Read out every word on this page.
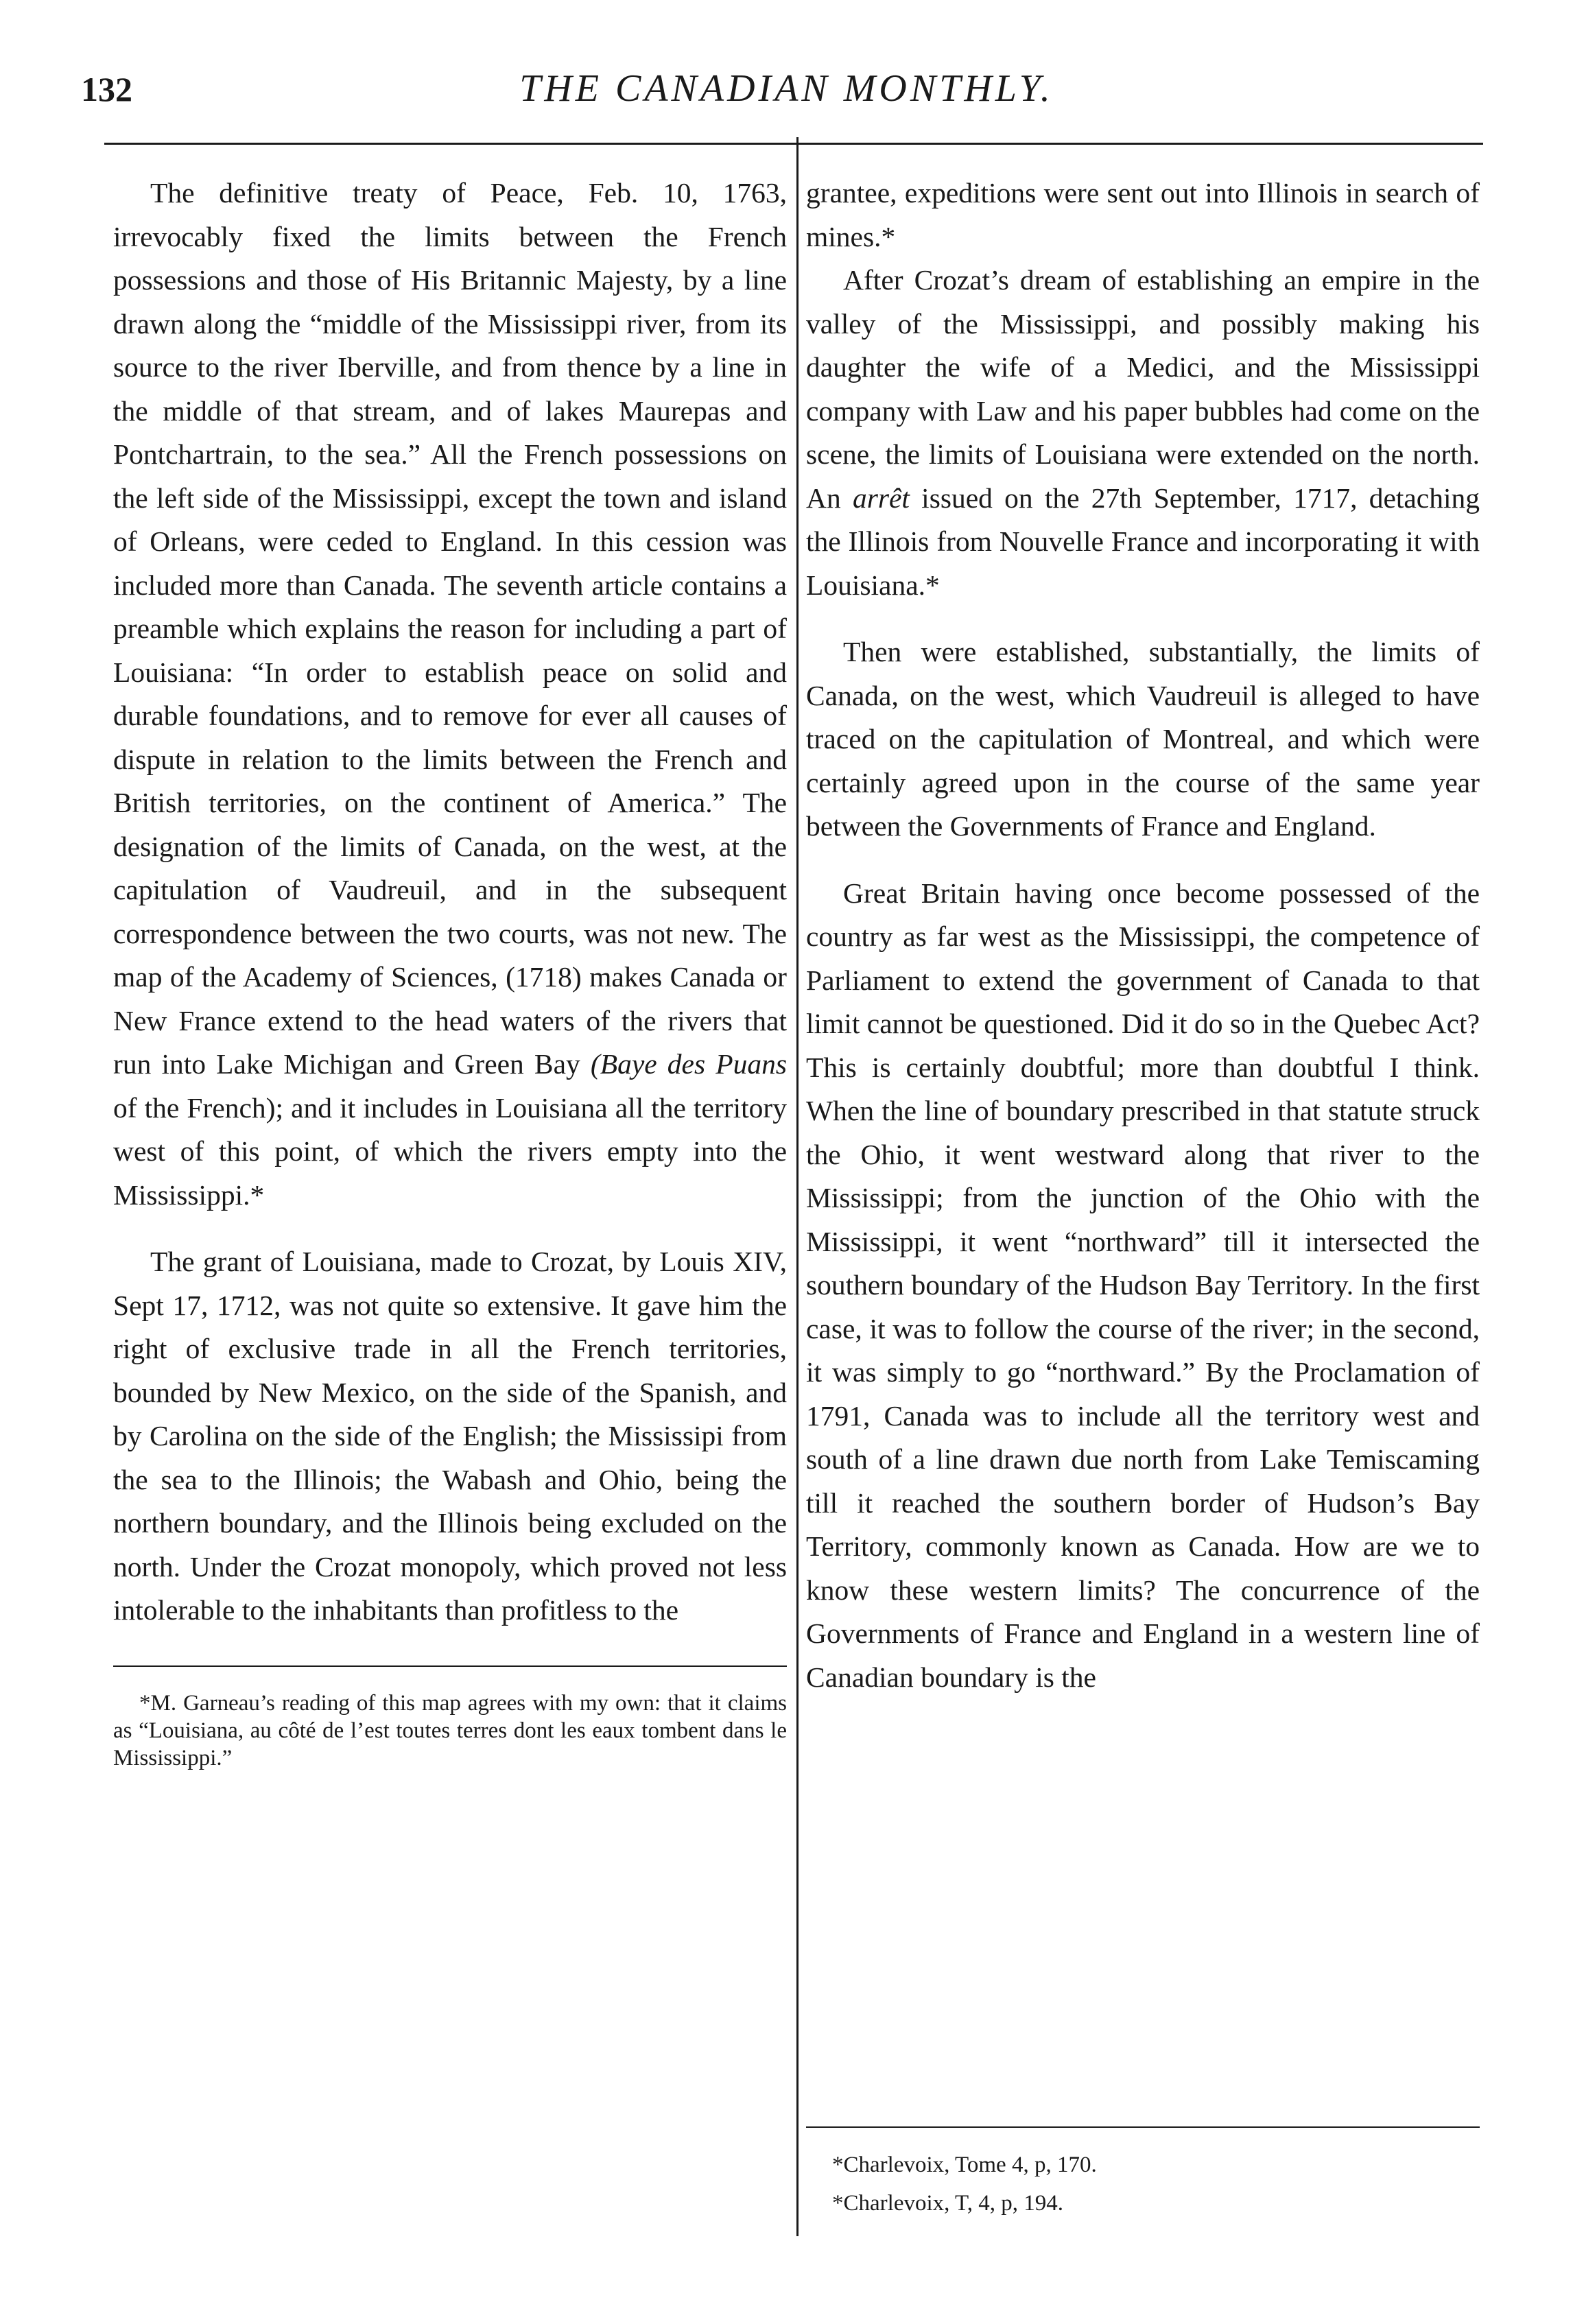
132	THE CANADIAN MONTHLY.

The definitive treaty of Peace, Feb. 10, 1763, irrevocably fixed the limits between the French possessions and those of His Britannic Majesty, by a line drawn along the “middle of the Mississippi river, from its source to the river Iberville, and from thence by a line in the middle of that stream, and of lakes Maurepas and Pontchartrain, to the sea.” All the French possessions on the left side of the Mississippi, except the town and island of Orleans, were ceded to England. In this cession was included more than Canada. The seventh article contains a preamble which explains the reason for including a part of Louisiana: “In order to establish peace on solid and durable foundations, and to remove for ever all causes of dispute in relation to the limits between the French and British territories, on the continent of America.” The designation of the limits of Canada, on the west, at the capitulation of Vaudreuil, and in the subsequent correspondence between the two courts, was not new. The map of the Academy of Sciences, (1718) makes Canada or New France extend to the head waters of the rivers that run into Lake Michigan and Green Bay (Baye des Puans of the French); and it includes in Louisiana all the territory west of this point, of which the rivers empty into the Mississippi.*

The grant of Louisiana, made to Crozat, by Louis XIV, Sept 17, 1712, was not quite so extensive. It gave him the right of exclusive trade in all the French territories, bounded by New Mexico, on the side of the Spanish, and by Carolina on the side of the English; the Mississipi from the sea to the Illinois; the Wabash and Ohio, being the northern boundary, and the Illinois being excluded on the north. Under the Crozat monopoly, which proved not less intolerable to the inhabitants than profitless to the

grantee, expeditions were sent out into Illinois in search of mines.*

After Crozat’s dream of establishing an empire in the valley of the Mississippi, and possibly making his daughter the wife of a Medici, and the Mississippi company with Law and his paper bubbles had come on the scene, the limits of Louisiana were extended on the north. An arrêt issued on the 27th September, 1717, detaching the Illinois from Nouvelle France and incorporating it with Louisiana.*

Then were established, substantially, the limits of Canada, on the west, which Vaudreuil is alleged to have traced on the capitulation of Montreal, and which were certainly agreed upon in the course of the same year between the Governments of France and England.

Great Britain having once become possessed of the country as far west as the Mississippi, the competence of Parliament to extend the government of Canada to that limit cannot be questioned. Did it do so in the Quebec Act? This is certainly doubtful; more than doubtful I think. When the line of boundary prescribed in that statute struck the Ohio, it went westward along that river to the Mississippi; from the junction of the Ohio with the Mississippi, it went “northward” till it intersected the southern boundary of the Hudson Bay Territory. In the first case, it was to follow the course of the river; in the second, it was simply to go “northward.” By the Proclamation of 1791, Canada was to include all the territory west and south of a line drawn due north from Lake Temiscaming till it reached the southern border of Hudson’s Bay Territory, commonly known as Canada. How are we to know these western limits? The concurrence of the Governments of France and England in a western line of Canadian boundary is the

*M. Garneau’s reading of this map agrees with my own: that it claims as “Louisiana, au côté de l’est toutes terres dont les eaux tombent dans le Mississippi.”
*Charlevoix, Tome 4, p, 170.
*Charlevoix, T, 4, p, 194.
